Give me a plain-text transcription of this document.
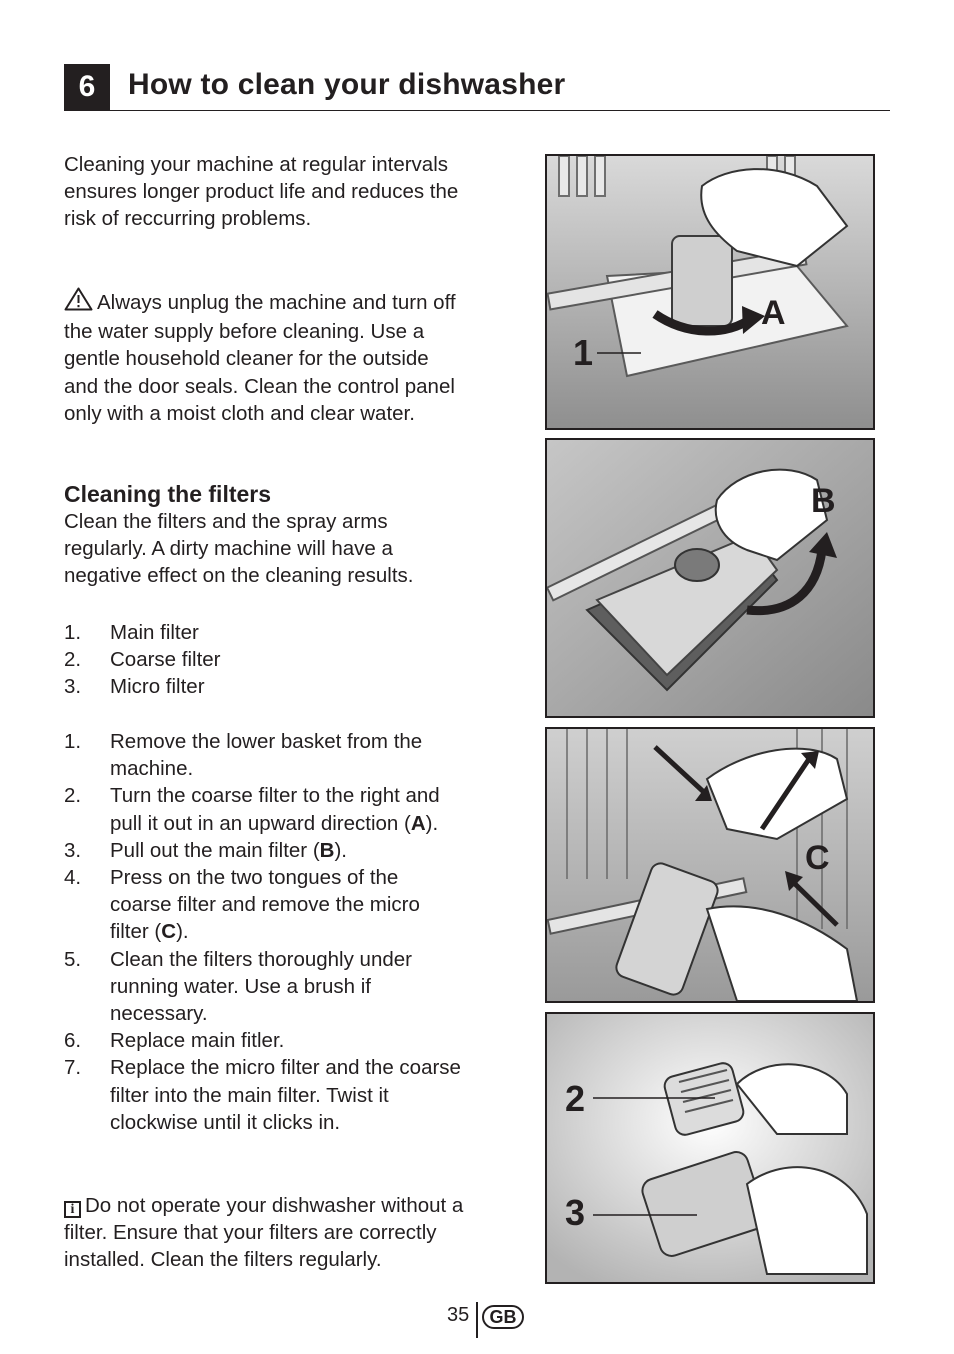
6	How to clean your dishwasher

Cleaning your machine at regular intervals ensures longer product life and reduces the risk of reccurring problems.

Always unplug the machine and turn off the water supply before cleaning. Use a gentle household cleaner for the outside and the door seals. Clean the control panel only with a moist cloth and clear water.

Cleaning the filters

Clean the filters and the spray arms regularly. A dirty machine will have a negative effect on the cleaning results.

1. Main filter
2. Coarse filter
3. Micro filter
1. Remove the lower basket from the machine.
2. Turn the coarse filter to the right and pull it out in an upward direction (A).
3. Pull out the main filter (B).
4. Press on the two tongues of the coarse filter and remove the micro filter (C).
5. Clean the filters thoroughly under running water. Use a brush if necessary.
6. Replace main fitler.
7. Replace the micro filter and the coarse filter into the main filter. Twist it clockwise until it clicks in.

i Do not operate your dishwasher without a filter. Ensure that your filters are correctly installed. Clean the filters regularly.

A
1
B
C
2
3
35	GB
